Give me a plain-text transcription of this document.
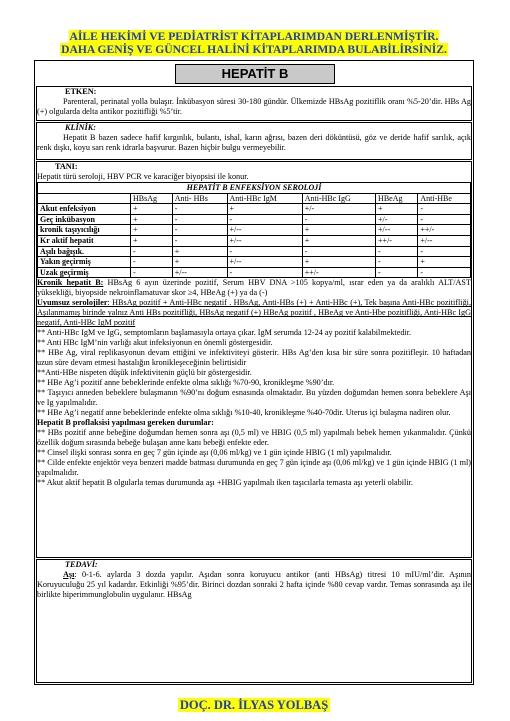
AİLE HEKİMİ VE PEDİATRİST KİTAPLARIMDAN DERLENMİŞTİR.
DAHA GENİŞ VE GÜNCEL HALİNİ KİTAPLARIMDA BULABİLİRSİNİZ.
HEPATİT B

ETKEN:

Parenteral, perinatal yolla bulaşır. İnkübasyon süresi 30-180 gündür. Ülkemizde HBsAg pozitiflik oranı %5-20’dir. HBs Ag (+) olgularda delta antikor pozitifliği %5’tir.

KLİNİK:

Hepatit B bazen sadece hafif kırgınlık, bulantı, ishal, karın ağrısı, bazen deri döküntüsü, göz ve deride hafif sarılık, açık renk dışkı, koyu sarı renk idrarla başvurur. Bazen hiçbir bulgu vermeyebilir.

TANI:

Hepatit türü seroloji, HBV PCR ve karaciğer biyopsisi ile konur.

HEPATİT B ENFEKSİYON SEROLOJİ						
	HBsAg	Anti- HBs	Anti-HBc IgM	Anti-HBc IgG	HBeAg	Anti-HBe
Akut enfeksiyon	+	-	+	+/-	+	-
Geç inkübasyon	+	-	-	-	+/-	-
kronik taşıyıcılığı	+	-	+/--	+	+/--	++/-
Kr aktif hepatit	+	-	+/--	+	++/-	+/--
Aşılı bağışık.	-	+	-	-	-	-
Yakın geçirmiş	-	+	+/--	+	-	+
Uzak geçirmiş	-	+/--	-	++/-	-	-

Kronik hepatit B: HBsAg 6 ayın üzerinde pozitif, Serum HBV DNA >105 kopya/ml, ısrar eden ya da aralıklı ALT/AST yüksekliği, biyopside nekroinflamatuvar skor ≥4, HBeAg (+) ya da (-)

Uyumsuz serolojiler: HBsAg pozitif + Anti-HBc negatif . HBsAg, Anti-HBs (+) + Anti-HBc (+), Tek başına Anti-HBc pozitifliği, Aşılanmamış birinde yalnız Anti HBs pozitifliği, HBsAg negatif (+) HBeAg pozitif , HBeAg ve Anti-Hbe pozitifliği, Anti-HBc IgG negatif, Anti-HBc IgM pozitif

** Anti-HBc IgM ve IgG, semptomların başlamasıyla ortaya çıkar. IgM serumda 12-24 ay pozitif kalabilmektedir.

** Anti HBc IgM’nin varlığı akut infeksiyonun en önemli göstergesidir.

** HBe Ag, viral replikasyonun devam ettiğini ve infektiviteyi gösterir. HBs Ag’den kısa bir süre sonra pozitifleşir. 10 haftadan uzun süre devam etmesi hastalığın kronikleşeceğinin belirtisidir

**Anti-HBe nispeten düşük infektivitenin güçlü bir göstergesidir.

** HBe Ag’i pozitif anne bebeklerinde enfekte olma sıklığı %70-90, kronikleşme %90’dır.

** Taşıyıcı anneden bebeklere bulaşmanın %90’nı doğum esnasında olmaktadır. Bu yüzden doğumdan hemen sonra bebeklere Aşı ve Ig yapılmalıdır.

** HBe Ag’i negatif anne bebeklerinde enfekte olma sıklığı %10-40, kronikleşme %40-70dir. Uterus içi bulaşma nadiren olur.

Hepatit B proflaksisi yapılması gereken durumlar:

** HBs pozitif anne bebeğine doğumdan hemen sonra aşı (0,5 ml) ve HBIG (0,5 ml) yapılmalı bebek hemen yıkanmalıdır. Çünkü özellik doğum sırasında bebeğe bulaşan anne kanı bebeği enfekte eder.

** Cinsel ilişki sonrası sonra en geç 7 gün içinde aşı (0,06 ml/kg) ve 1 gün içinde HBIG (1 ml) yapılmalıdır.

** Cilde enfekte enjektör veya benzeri madde batması durumunda en geç 7 gün içinde aşı (0,06 ml/kg) ve 1 gün içinde HBIG (1 ml) yapılmalıdır.

** Akut aktif hepatit B olgularla temas durumunda aşı +HBIG yapılmalı iken taşıcılarla temasta aşı yeterli olabilir.

TEDAVİ:

Aşı: 0-1-6. aylarda 3 dozda yapılır. Aşıdan sonra koruyucu antikor (anti HBsAg) titresi 10 mIU/ml’dir. Aşının Koruyuculuğu 25 yıl kadardır. Etkinliği %95’dir. Birinci dozdan sonraki 2 hafta içinde %80 cevap vardır. Temas sonrasında aşı ile birlikte hiperimmunglobulin uygulanır. HBsAg

DOÇ. DR. İLYAS YOLBAŞ
